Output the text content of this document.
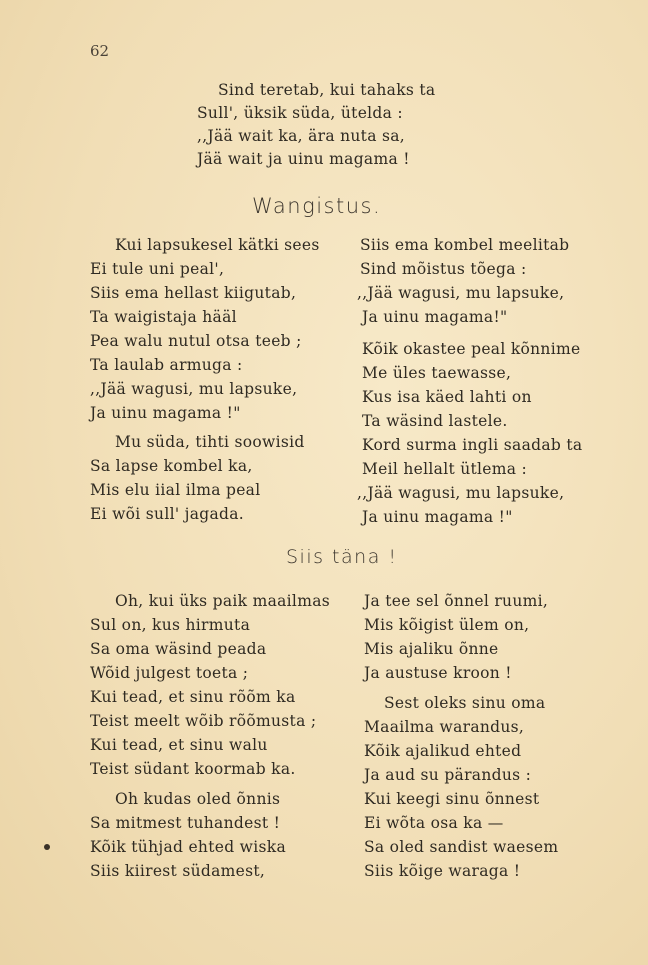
62
Sind teretab, kui tahaks ta
Sull', üksik süda, ütelda :
,,Jää wait ka, ära nuta sa,
Jää wait ja uinu magama !
Wangistus.
Kui lapsukesel kätki sees
Ei tule uni peal',
Siis ema hellast kiigutab,
Ta waigistaja hääl
Pea walu nutul otsa teeb ;
Ta laulab armuga :
,,Jää wagusi, mu lapsuke,
Ja uinu magama !"
Mu süda, tihti soowisid
Sa lapse kombel ka,
Mis elu iial ilma peal
Ei wõi sull' jagada.
Siis ema kombel meelitab
Sind mõistus tõega :
,,Jää wagusi, mu lapsuke,
Ja uinu magama!"
Kõik okastee peal kõnnime
Me üles taewasse,
Kus isa käed lahti on
Ta wäsind lastele.
Kord surma ingli saadab ta
Meil hellalt ütlema :
,,Jää wagusi, mu lapsuke,
Ja uinu magama !"
Siis täna !
Oh, kui üks paik maailmas
Sul on, kus hirmuta
Sa oma wäsind peada
Wõid julgest toeta ;
Kui tead, et sinu rõõm ka
Teist meelt wõib rõõmusta ;
Kui tead, et sinu walu
Teist südant koormab ka.
Oh kudas oled õnnis
Sa mitmest tuhandest !
Kõik tühjad ehted wiska
Siis kiirest südamest,
Ja tee sel õnnel ruumi,
Mis kõigist ülem on,
Mis ajaliku õnne
Ja austuse kroon !
Sest oleks sinu oma
Maailma warandus,
Kõik ajalikud ehted
Ja aud su pärandus :
Kui keegi sinu õnnest
Ei wõta osa ka —
Sa oled sandist waesem
Siis kõige waraga !
